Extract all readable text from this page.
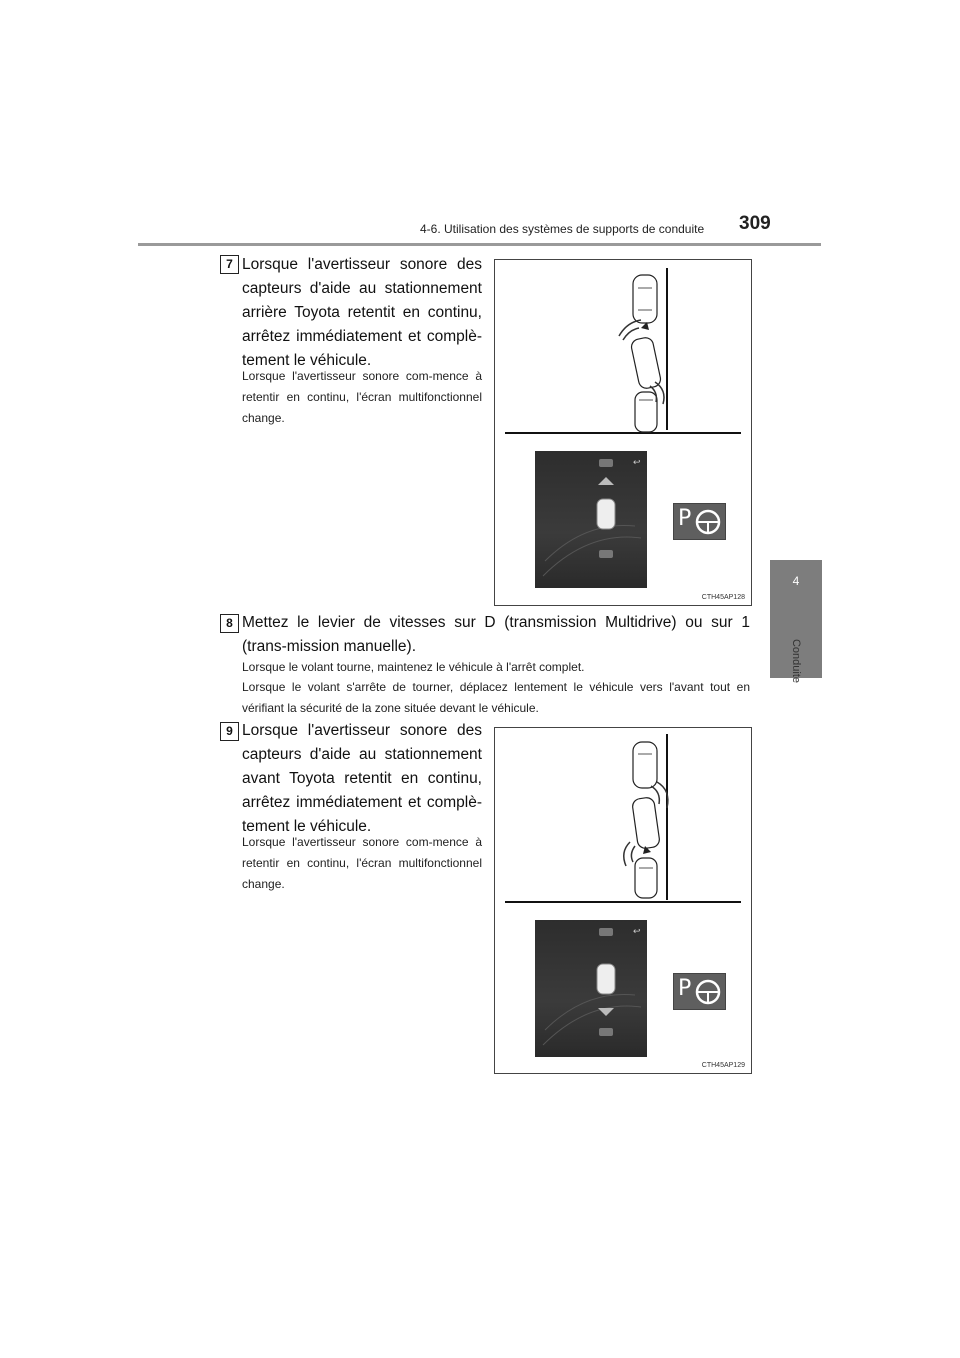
4-6. Utilisation des systèmes de supports de conduite 309
4
Conduite
7 Lorsque l'avertisseur sonore des capteurs d'aide au stationnement arrière Toyota retentit en continu, arrêtez immédiatement et complè-tement le véhicule.
Lorsque l'avertisseur sonore com-mence à retentir en continu, l'écran multifonctionnel change.
↩
P
CTH45AP128
8 Mettez le levier de vitesses sur D (transmission Multidrive) ou sur 1 (trans-mission manuelle).
Lorsque le volant tourne, maintenez le véhicule à l'arrêt complet.
Lorsque le volant s'arrête de tourner, déplacez lentement le véhicule vers l'avant tout en vérifiant la sécurité de la zone située devant le véhicule.
9 Lorsque l'avertisseur sonore des capteurs d'aide au stationnement avant Toyota retentit en continu, arrêtez immédiatement et complè-tement le véhicule.
Lorsque l'avertisseur sonore com-mence à retentir en continu, l'écran multifonctionnel change.
↩
P
CTH45AP129
